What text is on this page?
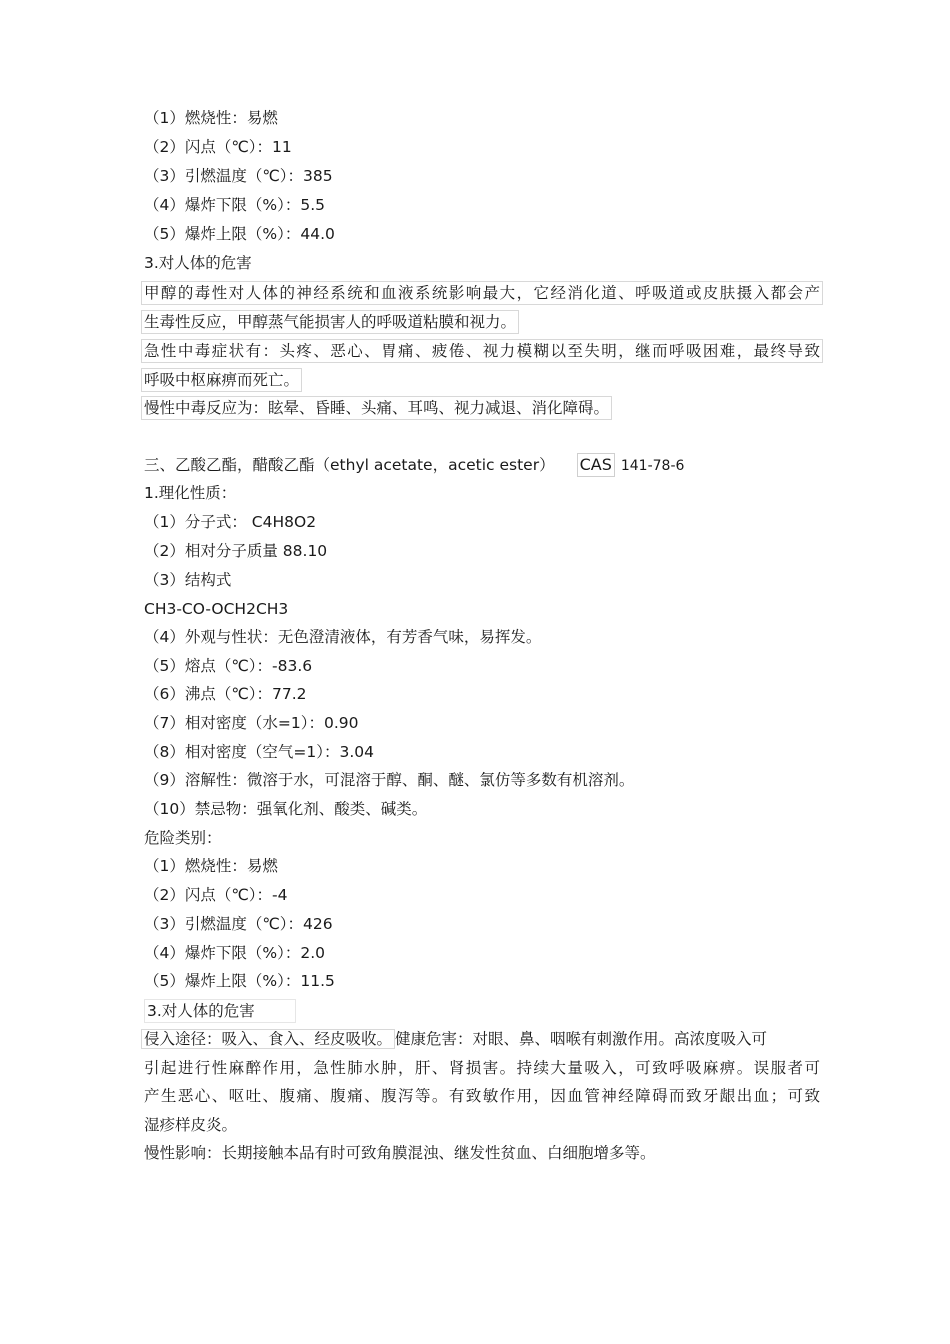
（1）燃烧性：易燃
（2）闪点（℃）：11
（3）引燃温度（℃）：385
（4）爆炸下限（%）：5.5
（5）爆炸上限（%）：44.0
3.对人体的危害
甲醇的毒性对人体的神经系统和血液系统影响最大，它经消化道、呼吸道或皮肤摄入都会产
生毒性反应，甲醇蒸气能损害人的呼吸道粘膜和视力。
急性中毒症状有：头疼、恶心、胃痛、疲倦、视力模糊以至失明，继而呼吸困难，最终导致
呼吸中枢麻痹而死亡。
慢性中毒反应为：眩晕、昏睡、头痛、耳鸣、视力减退、消化障碍。
三、乙酸乙酯，醋酸乙酯（ethyl acetate，acetic ester） CAS 141-78-6
1.理化性质：
（1）分子式： C4H8O2
（2）相对分子质量 88.10
（3）结构式
CH3-CO-OCH2CH3
（4）外观与性状：无色澄清液体，有芳香气味，易挥发。
（5）熔点（℃）：-83.6
（6）沸点（℃）：77.2
（7）相对密度（水=1）：0.90
（8）相对密度（空气=1）：3.04
（9）溶解性：微溶于水，可混溶于醇、酮、醚、氯仿等多数有机溶剂。
（10）禁忌物：强氧化剂、酸类、碱类。
危险类别：
（1）燃烧性：易燃
（2）闪点（℃）：-4
（3）引燃温度（℃）：426
（4）爆炸下限（%）：2.0
（5）爆炸上限（%）：11.5
3.对人体的危害
侵入途径：吸入、食入、经皮吸收。 健康危害：对眼、鼻、咽喉有刺激作用。高浓度吸入可
引起进行性麻醉作用，急性肺水肿，肝、肾损害。持续大量吸入，可致呼吸麻痹。误服者可
产生恶心、呕吐、腹痛、腹痛、腹泻等。有致敏作用，因血管神经障碍而致牙龈出血；可致
湿疹样皮炎。
慢性影响：长期接触本品有时可致角膜混浊、继发性贫血、白细胞增多等。
